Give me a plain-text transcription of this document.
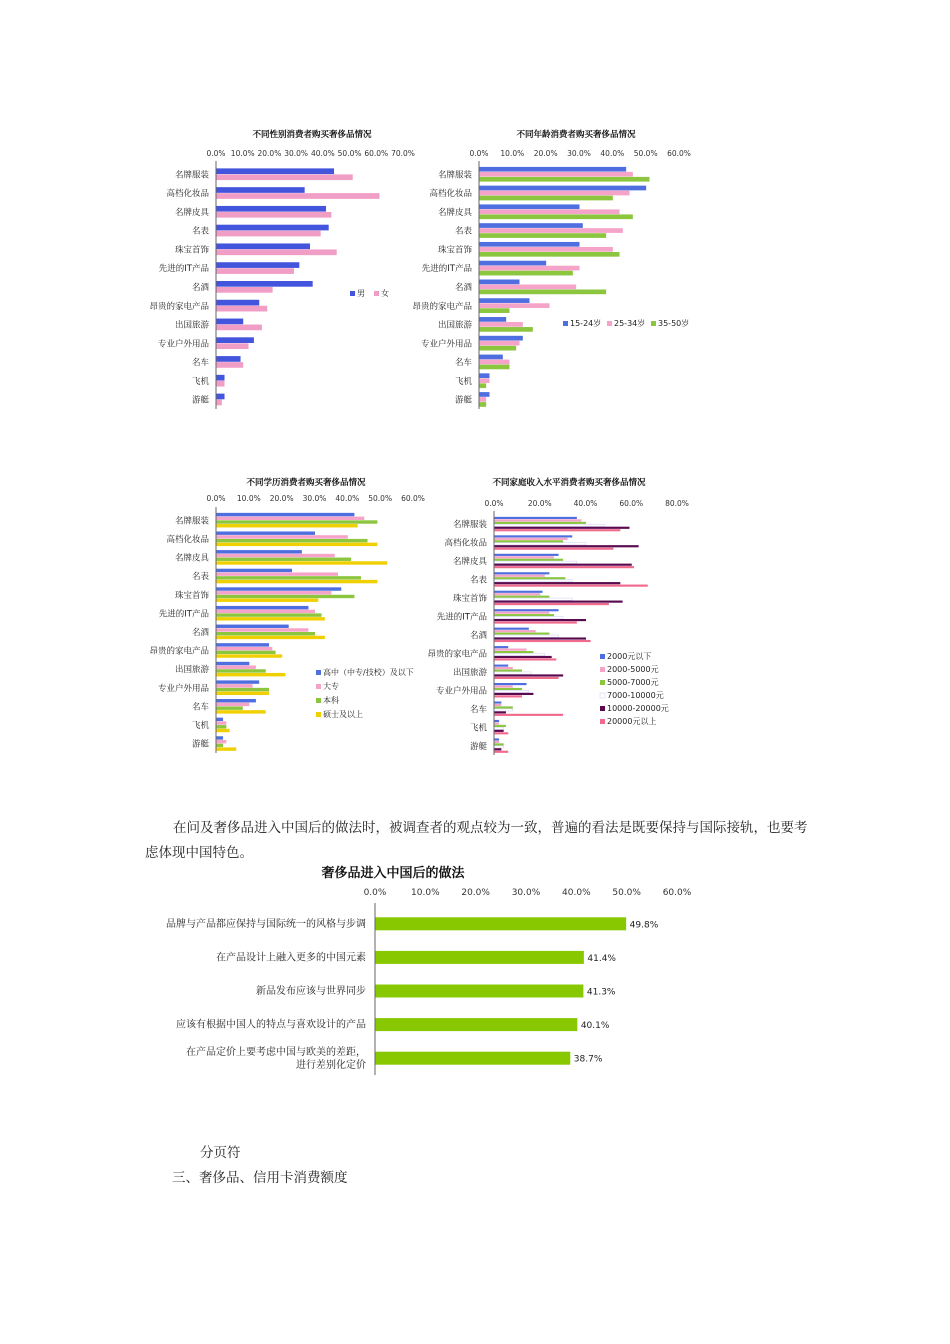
不同性别消费者购买奢侈品情况
0.0% 10.0% 20.0% 30.0% 40.0% 50.0% 60.0% 70.0%
名牌服装
高档化妆品
名牌皮具
名表
珠宝首饰
先进的IT产品
名酒
昂贵的家电产品
出国旅游
专业户外用品
名车
飞机
游艇
男 女
不同年龄消费者购买奢侈品情况
0.0% 10.0% 20.0% 30.0% 40.0% 50.0% 60.0%
名牌服装
高档化妆品
名牌皮具
名表
珠宝首饰
先进的IT产品
名酒
昂贵的家电产品
出国旅游
专业户外用品
名车
飞机
游艇
15-24岁 25-34岁 35-50岁
不同学历消费者购买奢侈品情况
0.0% 10.0% 20.0% 30.0% 40.0% 50.0% 60.0%
名牌服装
高档化妆品
名牌皮具
名表
珠宝首饰
先进的IT产品
名酒
昂贵的家电产品
出国旅游
专业户外用品
名车
飞机
游艇
高中（中专/技校）及以下
大专
本科
硕士及以上
不同家庭收入水平消费者购买奢侈品情况
0.0%	20.0%	40.0%	60.0%	80.0%
名牌服装
高档化妆品
名牌皮具
名表
珠宝首饰
先进的IT产品
名酒
昂贵的家电产品
出国旅游
专业户外用品
名车
飞机
游艇
2000元以下
2000-5000元
5000-7000元
7000-10000元
10000-20000元
20000元以上
奢侈品进入中国后的做法
0.0%	10.0% 20.0% 30.0% 40.0% 50.0% 60.0%
品牌与产品都应保持与国际统一的风格与步调	49.8%
在产品设计上融入更多的中国元素	41.4%
新品发布应该与世界同步	41.3%
应该有根据中国人的特点与喜欢设计的产品	40.1%
在产品定价上要考虑中国与欧美的差距，进行差别化定价
38.7%

在问及奢侈品进入中国后的做法时，被调查者的观点较为一致，普遍的看法是既要保持与国际接轨，也要考虑体现中国特色。

分页符

三、奢侈品、信用卡消费额度
